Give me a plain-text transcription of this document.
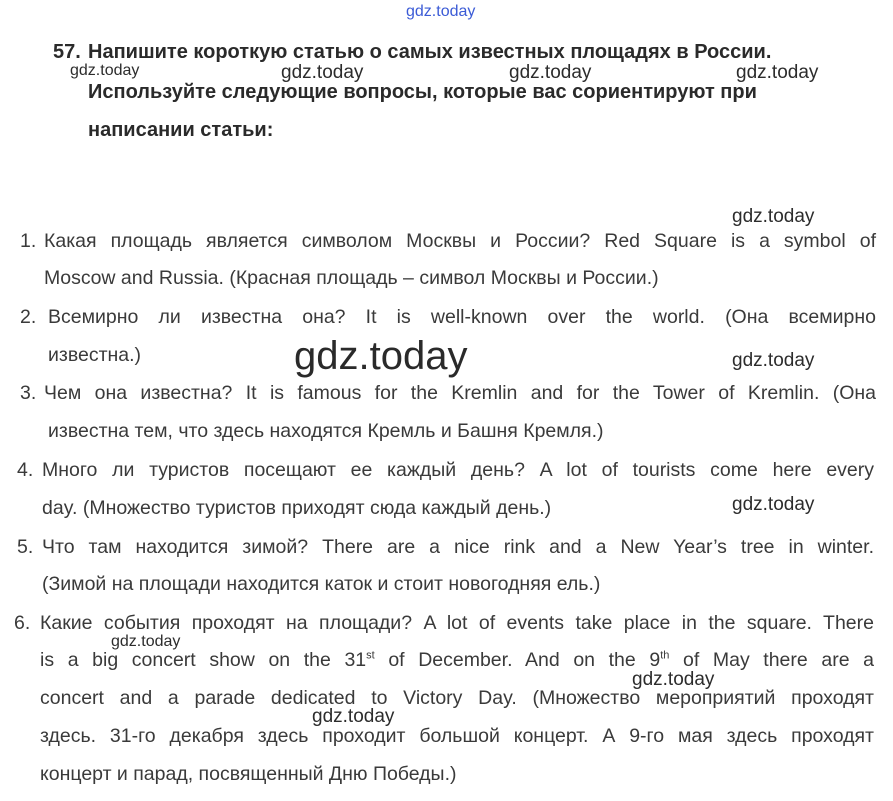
gdz.today
gdz.today	gdz.today	gdz.today	gdz.today
gdz.today
gdz.today	gdz.today
gdz.today
gdz.today
gdz.today
gdz.today
57. Напишите короткую статью о самых известных площадях в России.
Используйте следующие вопросы, которые вас сориентируют при
написании статьи:
1. Какая площадь является символом Москвы и России? Red Square is a symbol of
Moscow and Russia. (Красная площадь – символ Москвы и России.)
2. Всемирно ли известна она? It is well-known over the world. (Она всемирно
известна.)
3. Чем она известна? It is famous for the Kremlin and for the Tower of Kremlin. (Она
известна тем, что здесь находятся Кремль и Башня Кремля.)
4. Много ли туристов посещают ее каждый день? A lot of tourists come here every
day. (Множество туристов приходят сюда каждый день.)
5. Что там находится зимой? There are a nice rink and a New Year’s tree in winter.
(Зимой на площади находится каток и стоит новогодняя ель.)
6. Какие события проходят на площади? A lot of events take place in the square. There
is a big concert show on the 31st of December. And on the 9th of May there are a
concert and a parade dedicated to Victory Day. (Множество мероприятий проходят
здесь. 31-го декабря здесь проходит большой концерт. А 9-го мая здесь проходят
концерт и парад, посвященный Дню Победы.)
